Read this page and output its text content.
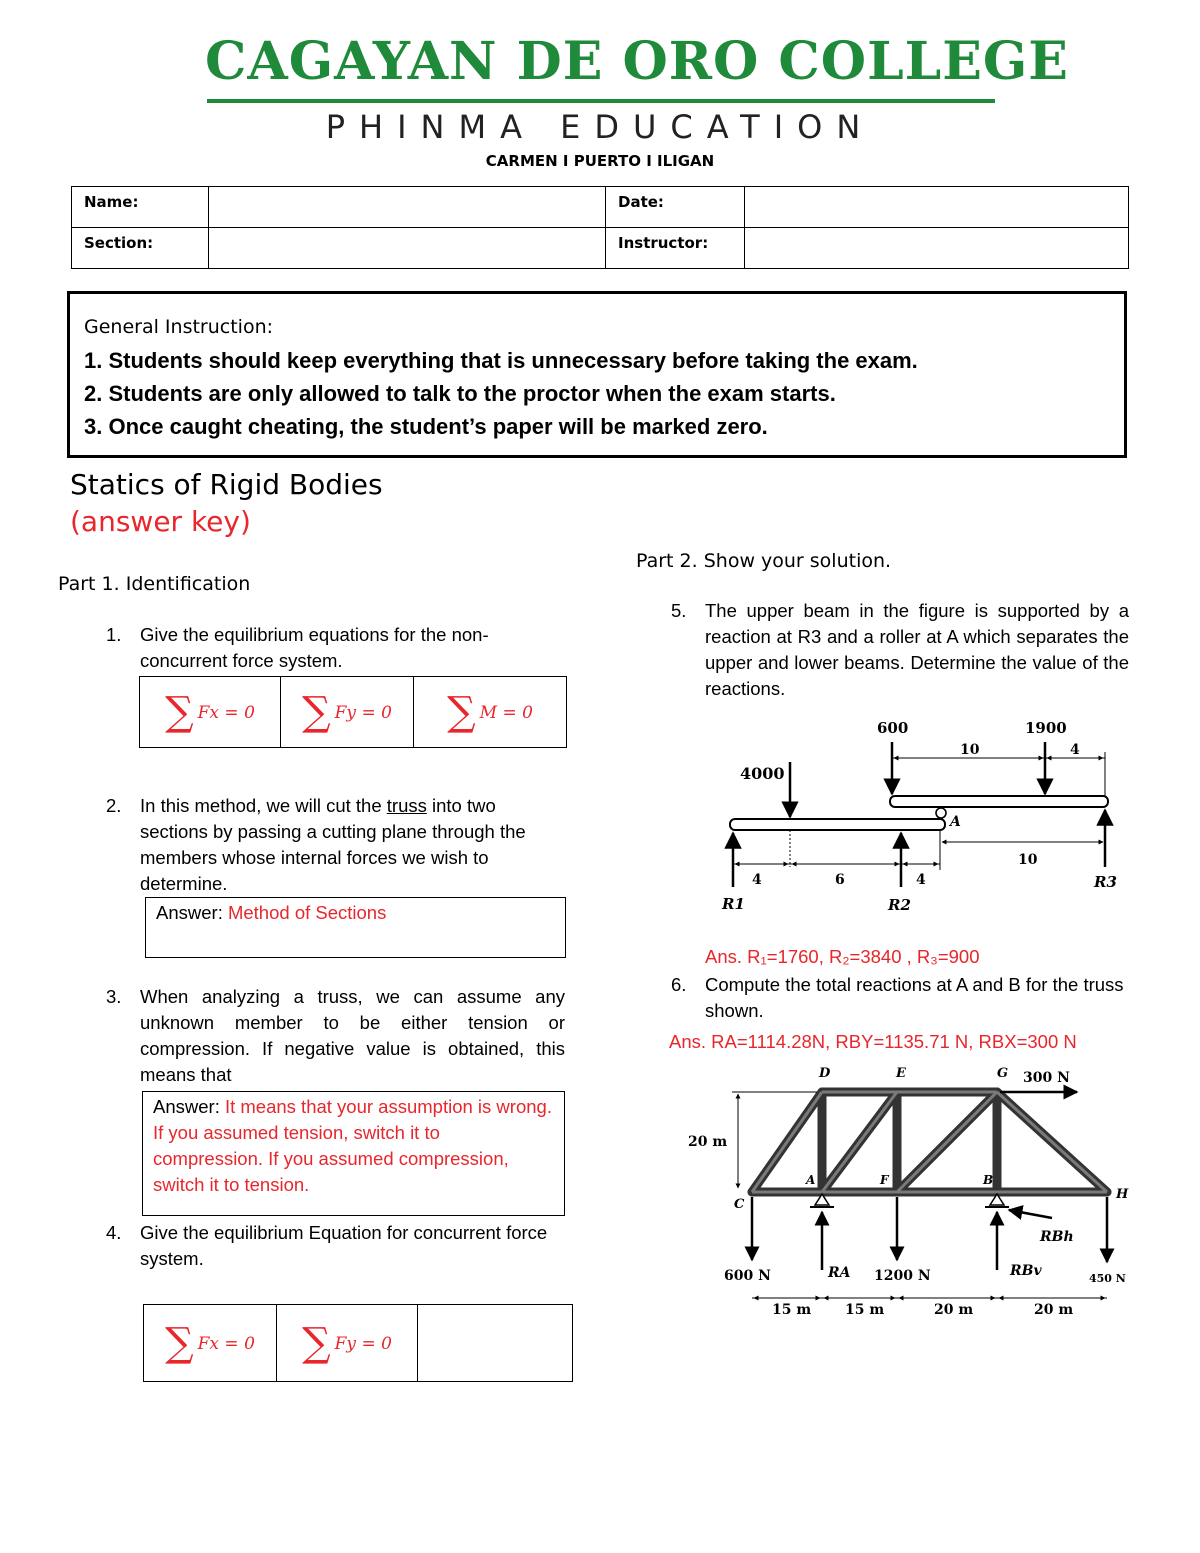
CAGAYAN DE ORO COLLEGE
PHINMA EDUCATION
CARMEN I PUERTO I ILIGAN
Name:		Date:	
Section:		Instructor:	
General Instruction:
1. Students should keep everything that is unnecessary before taking the exam.
2. Students are only allowed to talk to the proctor when the exam starts.
3. Once caught cheating, the student’s paper will be marked zero.
Statics of Rigid Bodies
(answer key)
Part 1. Identification
1. Give the equilibrium equations for the non-concurrent force system.
∑ Fx = 0	∑ Fy = 0	∑ M = 0
2. In this method, we will cut the truss into two sections by passing a cutting plane through the members whose internal forces we wish to determine.
Answer: Method of Sections
3. When analyzing a truss, we can assume any unknown member to be either tension or compression. If negative value is obtained, this means that
Answer: It means that your assumption is wrong. If you assumed tension, switch it to compression. If you assumed compression, switch it to tension.
4. Give the equilibrium Equation for concurrent force system.
∑ Fx = 0	∑ Fy = 0	
Part 2. Show your solution.
5. The upper beam in the figure is supported by a reaction at R3 and a roller at A which separates the upper and lower beams. Determine the value of the reactions.
A
4000
600	1900
10	4
R1	R2
R3
4	6	4
10
Ans. R₁=1760, R₂=3840 , R₃=900
6. Compute the total reactions at A and B for the truss shown.
Ans. RA=1114.28N, RBY=1135.71 N, RBX=300 N
D	E	G
C
A	F	B
H
300 N
20 m
600 N	1200 N	450 N
RA
RBh
RBv
15 m 15 m	20 m	20 m
